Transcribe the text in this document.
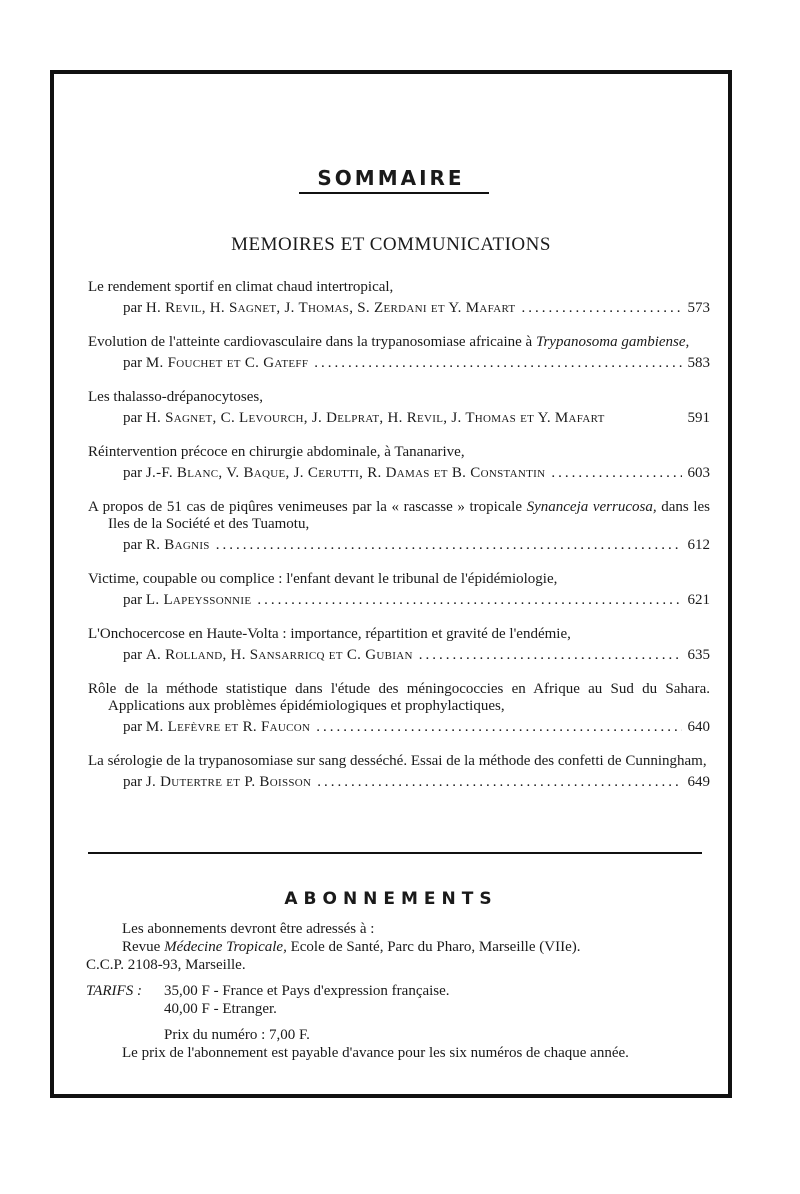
SOMMAIRE
MEMOIRES ET COMMUNICATIONS
Le rendement sportif en climat chaud intertropical,
par H. Revil, H. Sagnet, J. Thomas, S. Zerdani et Y. Mafart .....	573
Evolution de l'atteinte cardiovasculaire dans la trypanosomiase africaine à Trypanosoma gambiense,
par M. Fouchet et C. Gateff .....	583
Les thalasso-drépanocytoses,
par H. Sagnet, C. Levourch, J. Delprat, H. Revil, J. Thomas et Y. Mafart	591
Réintervention précoce en chirurgie abdominale, à Tananarive,
par J.-F. Blanc, V. Baque, J. Cerutti, R. Damas et B. Constantin .....	603
A propos de 51 cas de piqûres venimeuses par la « rascasse » tropicale Synanceja verrucosa, dans les Iles de la Société et des Tuamotu,
par R. Bagnis .....	612
Victime, coupable ou complice : l'enfant devant le tribunal de l'épidémiologie,
par L. Lapeyssonnie .....	621
L'Onchocercose en Haute-Volta : importance, répartition et gravité de l'endémie,
par A. Rolland, H. Sansarricq et C. Gubian .....	635
Rôle de la méthode statistique dans l'étude des méningococcies en Afrique au Sud du Sahara. Applications aux problèmes épidémiologiques et prophylactiques,
par M. Lefèvre et R. Faucon .....	640
La sérologie de la trypanosomiase sur sang desséché. Essai de la méthode des confetti de Cunningham,
par J. Dutertre et P. Boisson .....	649
ABONNEMENTS

Les abonnements devront être adressés à :

Revue Médecine Tropicale, Ecole de Santé, Parc du Pharo, Marseille (VIIe).

C.C.P. 2108-93, Marseille.

TARIFS :	35,00 F - France et Pays d'expression française.
40,00 F - Etranger.
Prix du numéro : 7,00 F.

Le prix de l'abonnement est payable d'avance pour les six numéros de chaque année.
